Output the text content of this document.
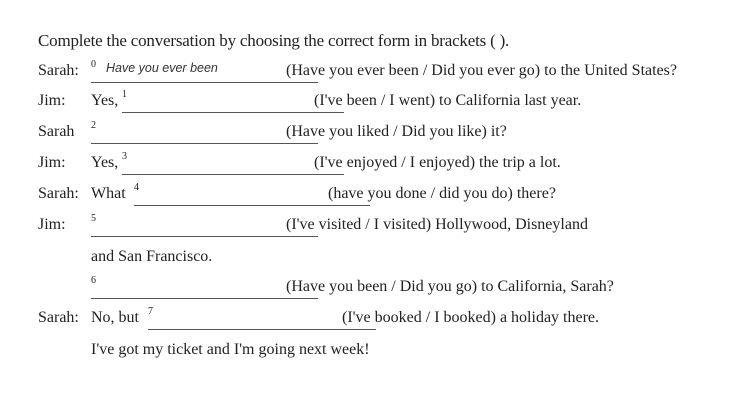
Complete the conversation by choosing the correct form in brackets ( ).
Sarah: 0 Have you ever been	(Have you ever been / Did you ever go) to the United States?
Jim: Yes, 1	(I've been / I went) to California last year.
Sarah 2	(Have you liked / Did you like) it?
Jim: Yes, 3	(I've enjoyed / I enjoyed) the trip a lot.
Sarah: What 4	(have you done / did you do) there?
Jim:	5	(I've visited / I visited) Hollywood, Disneyland
and San Francisco.
6	(Have you been / Did you go) to California, Sarah?
Sarah: No, but 7	(I've booked / I booked) a holiday there.
I've got my ticket and I'm going next week!
